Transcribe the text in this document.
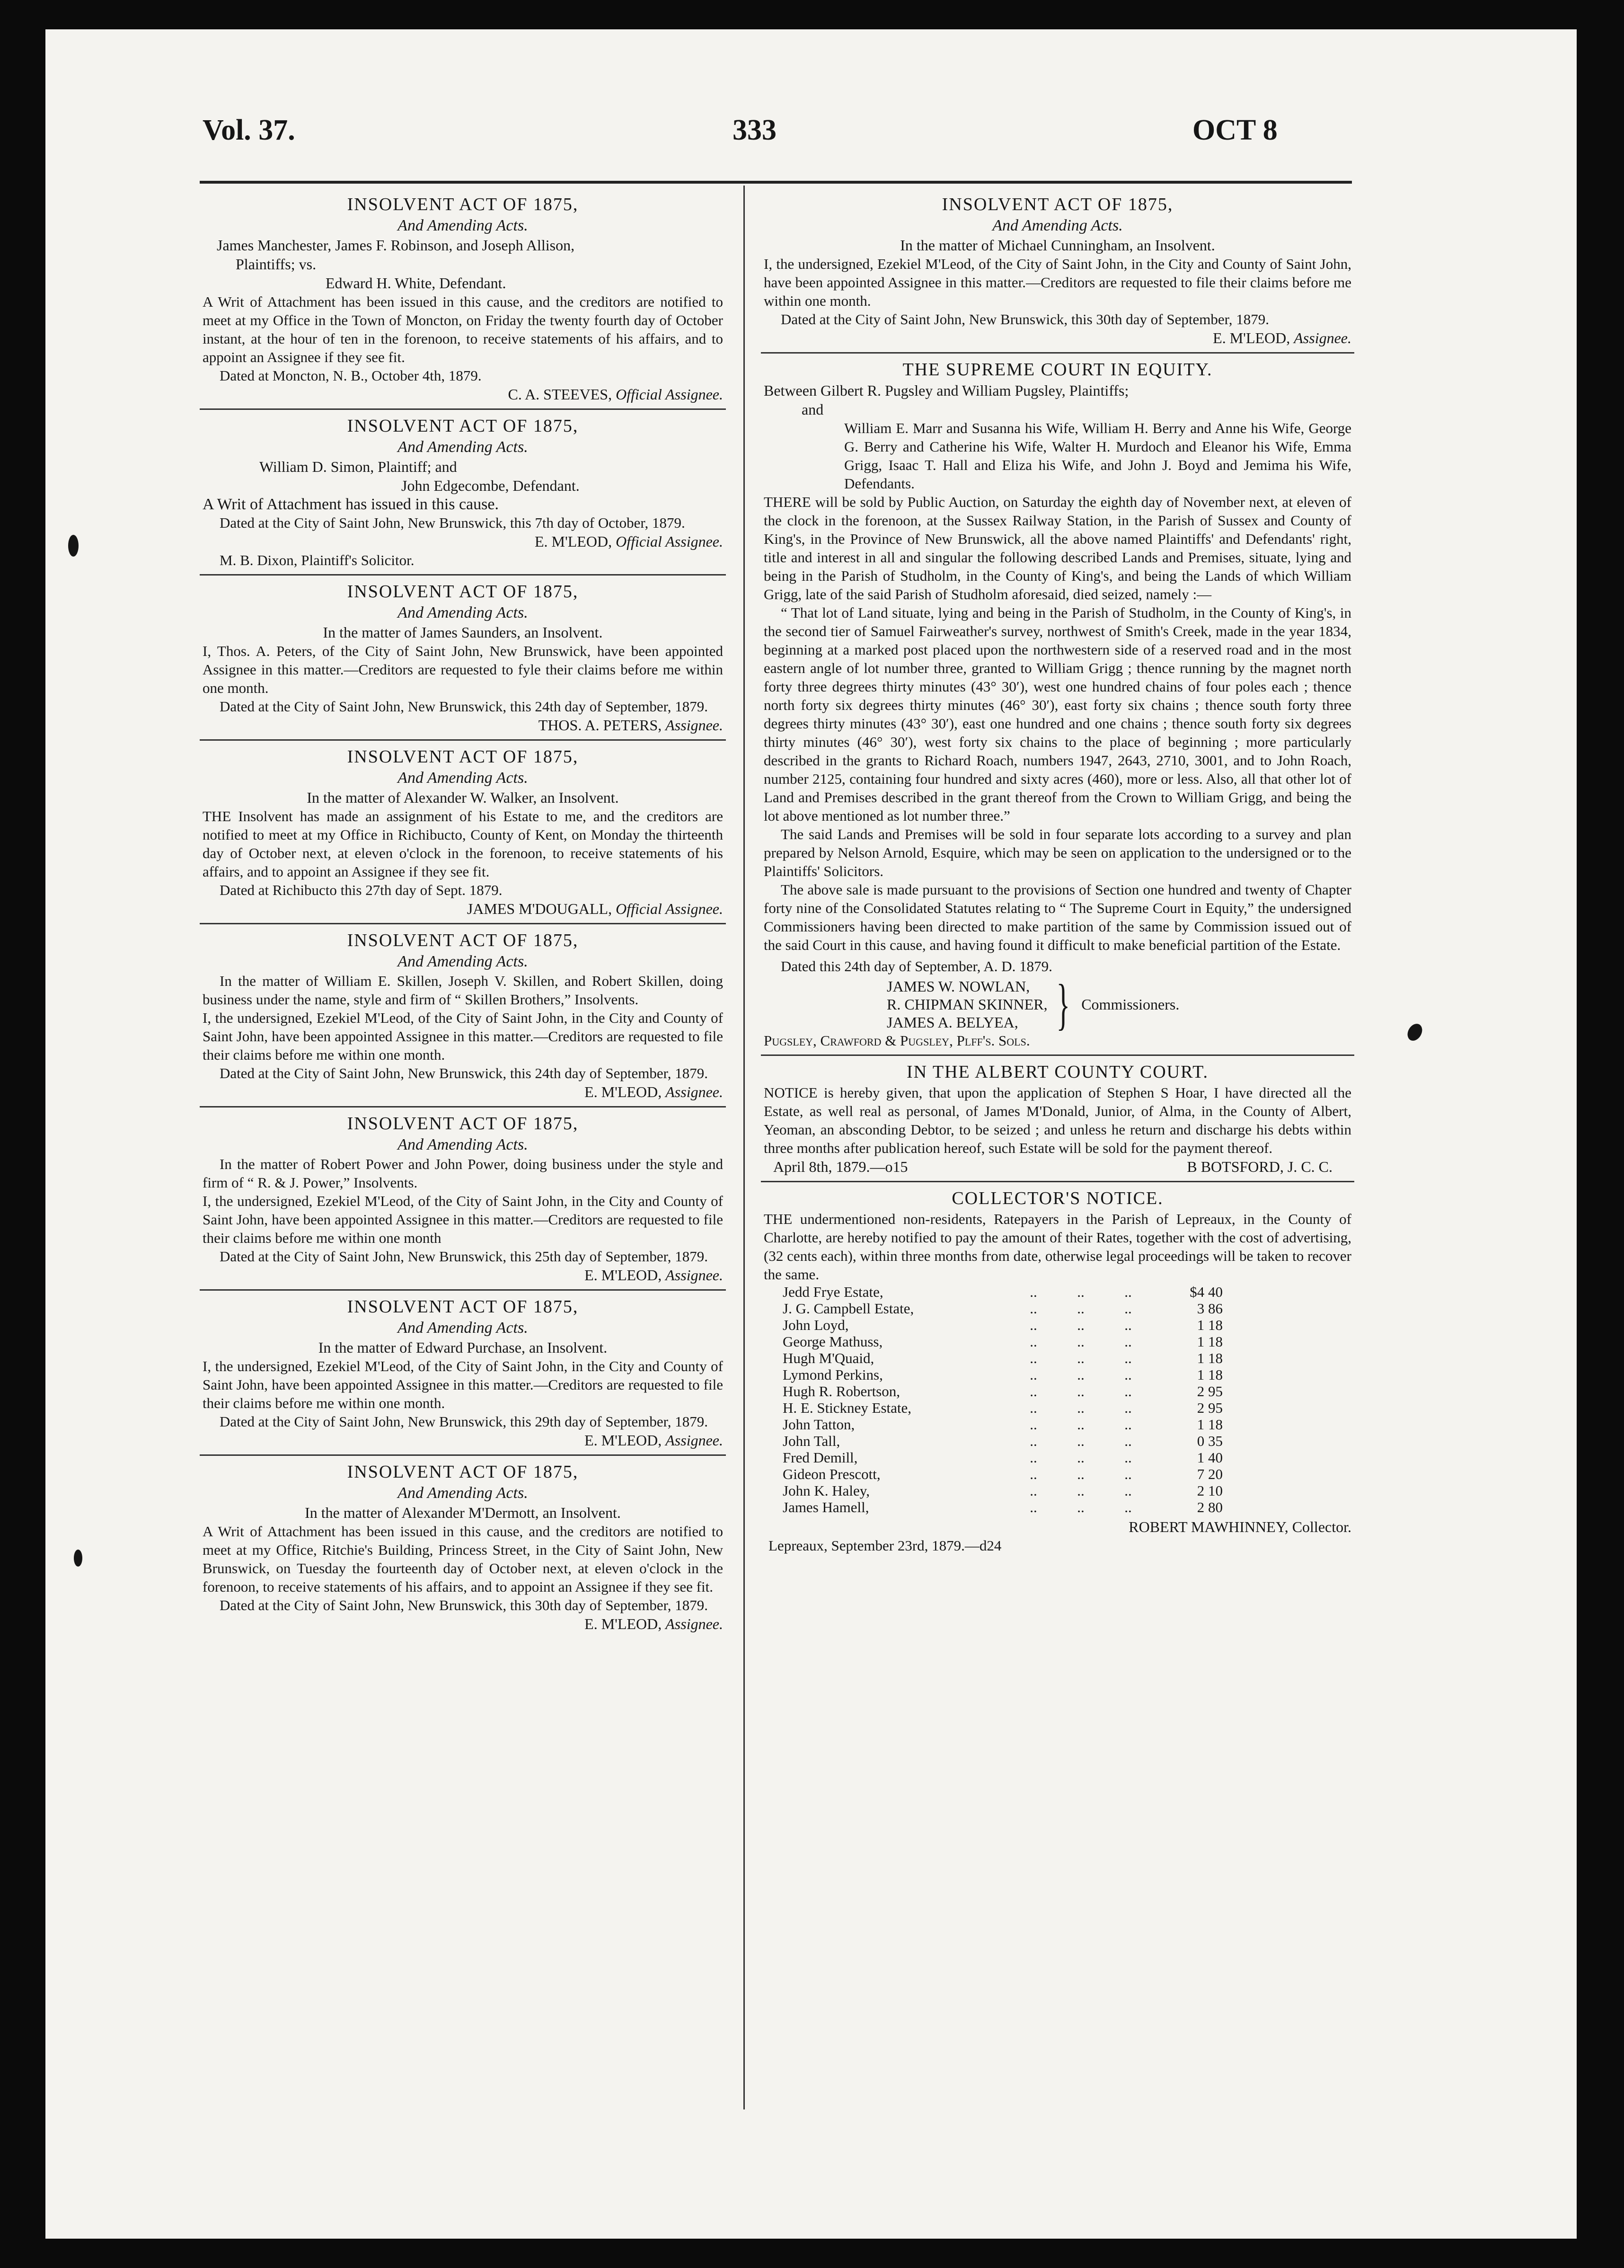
Vol. 37.	333	OCT 8
INSOLVENT ACT OF 1875,
And Amending Acts.
James Manchester, James F. Robinson, and Joseph Allison,
Plaintiffs; vs.
Edward H. White, Defendant.

A Writ of Attachment has been issued in this cause, and the creditors are notified to meet at my Office in the Town of Moncton, on Friday the twenty fourth day of October instant, at the hour of ten in the forenoon, to receive statements of his affairs, and to appoint an Assignee if they see fit.

Dated at Moncton, N. B., October 4th, 1879.

C. A. STEEVES, Official Assignee.

INSOLVENT ACT OF 1875,
And Amending Acts.
William D. Simon, Plaintiff; and
John Edgecombe, Defendant.

A Writ of Attachment has issued in this cause.

Dated at the City of Saint John, New Brunswick, this 7th day of October, 1879.

E. M'LEOD, Official Assignee.

M. B. Dixon, Plaintiff's Solicitor.

INSOLVENT ACT OF 1875,
And Amending Acts.
In the matter of James Saunders, an Insolvent.

I, Thos. A. Peters, of the City of Saint John, New Brunswick, have been appointed Assignee in this matter.—Creditors are requested to fyle their claims before me within one month.

Dated at the City of Saint John, New Brunswick, this 24th day of September, 1879.

THOS. A. PETERS, Assignee.

INSOLVENT ACT OF 1875,
And Amending Acts.
In the matter of Alexander W. Walker, an Insolvent.

THE Insolvent has made an assignment of his Estate to me, and the creditors are notified to meet at my Office in Richibucto, County of Kent, on Monday the thirteenth day of October next, at eleven o'clock in the forenoon, to receive statements of his affairs, and to appoint an Assignee if they see fit.

Dated at Richibucto this 27th day of Sept. 1879.

JAMES M'DOUGALL, Official Assignee.

INSOLVENT ACT OF 1875,
And Amending Acts.

In the matter of William E. Skillen, Joseph V. Skillen, and Robert Skillen, doing business under the name, style and firm of “ Skillen Brothers,” Insolvents.

I, the undersigned, Ezekiel M'Leod, of the City of Saint John, in the City and County of Saint John, have been appointed Assignee in this matter.—Creditors are requested to file their claims before me within one month.

Dated at the City of Saint John, New Brunswick, this 24th day of September, 1879.

E. M'LEOD, Assignee.

INSOLVENT ACT OF 1875,
And Amending Acts.

In the matter of Robert Power and John Power, doing business under the style and firm of “ R. & J. Power,” Insolvents.

I, the undersigned, Ezekiel M'Leod, of the City of Saint John, in the City and County of Saint John, have been appointed Assignee in this matter.—Creditors are requested to file their claims before me within one month

Dated at the City of Saint John, New Brunswick, this 25th day of September, 1879.

E. M'LEOD, Assignee.

INSOLVENT ACT OF 1875,
And Amending Acts.
In the matter of Edward Purchase, an Insolvent.

I, the undersigned, Ezekiel M'Leod, of the City of Saint John, in the City and County of Saint John, have been appointed Assignee in this matter.—Creditors are requested to file their claims before me within one month.

Dated at the City of Saint John, New Brunswick, this 29th day of September, 1879.

E. M'LEOD, Assignee.

INSOLVENT ACT OF 1875,
And Amending Acts.
In the matter of Alexander M'Dermott, an Insolvent.

A Writ of Attachment has been issued in this cause, and the creditors are notified to meet at my Office, Ritchie's Building, Princess Street, in the City of Saint John, New Brunswick, on Tuesday the fourteenth day of October next, at eleven o'clock in the forenoon, to receive statements of his affairs, and to appoint an Assignee if they see fit.

Dated at the City of Saint John, New Brunswick, this 30th day of September, 1879.

E. M'LEOD, Assignee.

INSOLVENT ACT OF 1875,
And Amending Acts.
In the matter of Michael Cunningham, an Insolvent.

I, the undersigned, Ezekiel M'Leod, of the City of Saint John, in the City and County of Saint John, have been appointed Assignee in this matter.—Creditors are requested to file their claims before me within one month.

Dated at the City of Saint John, New Brunswick, this 30th day of September, 1879.

E. M'LEOD, Assignee.

THE SUPREME COURT IN EQUITY.
Between Gilbert R. Pugsley and William Pugsley, Plaintiffs;
and

William E. Marr and Susanna his Wife, William H. Berry and Anne his Wife, George G. Berry and Catherine his Wife, Walter H. Murdoch and Eleanor his Wife, Emma Grigg, Isaac T. Hall and Eliza his Wife, and John J. Boyd and Jemima his Wife, Defendants.

THERE will be sold by Public Auction, on Saturday the eighth day of November next, at eleven of the clock in the forenoon, at the Sussex Railway Station, in the Parish of Sussex and County of King's, in the Province of New Brunswick, all the above named Plaintiffs' and Defendants' right, title and interest in all and singular the following described Lands and Premises, situate, lying and being in the Parish of Studholm, in the County of King's, and being the Lands of which William Grigg, late of the said Parish of Studholm aforesaid, died seized, namely :—

“ That lot of Land situate, lying and being in the Parish of Studholm, in the County of King's, in the second tier of Samuel Fairweather's survey, northwest of Smith's Creek, made in the year 1834, beginning at a marked post placed upon the northwestern side of a reserved road and in the most eastern angle of lot number three, granted to William Grigg ; thence running by the magnet north forty three degrees thirty minutes (43° 30′), west one hundred chains of four poles each ; thence north forty six degrees thirty minutes (46° 30′), east forty six chains ; thence south forty three degrees thirty minutes (43° 30′), east one hundred and one chains ; thence south forty six degrees thirty minutes (46° 30′), west forty six chains to the place of beginning ; more particularly described in the grants to Richard Roach, numbers 1947, 2643, 2710, 3001, and to John Roach, number 2125, containing four hundred and sixty acres (460), more or less. Also, all that other lot of Land and Premises described in the grant thereof from the Crown to William Grigg, and being the lot above mentioned as lot number three.”

The said Lands and Premises will be sold in four separate lots according to a survey and plan prepared by Nelson Arnold, Esquire, which may be seen on application to the undersigned or to the Plaintiffs' Solicitors.

The above sale is made pursuant to the provisions of Section one hundred and twenty of Chapter forty nine of the Consolidated Statutes relating to “ The Supreme Court in Equity,” the undersigned Commissioners having been directed to make partition of the same by Commission issued out of the said Court in this cause, and having found it difficult to make beneficial partition of the Estate.

Dated this 24th day of September, A. D. 1879.

JAMES W. NOWLAN,
R. CHIPMAN SKINNER,
JAMES A. BELYEA, } Commissioners.

Pugsley, Crawford & Pugsley, Plff's. Sols.

IN THE ALBERT COUNTY COURT.

NOTICE is hereby given, that upon the application of Stephen S Hoar, I have directed all the Estate, as well real as personal, of James M'Donald, Junior, of Alma, in the County of Albert, Yeoman, an absconding Debtor, to be seized ; and unless he return and discharge his debts within three months after publication hereof, such Estate will be sold for the payment thereof.

April 8th, 1879.—o15	B BOTSFORD, J. C. C.
COLLECTOR'S NOTICE.

THE undermentioned non-residents, Ratepayers in the Parish of Lepreaux, in the County of Charlotte, are hereby notified to pay the amount of their Rates, together with the cost of advertising, (32 cents each), within three months from date, otherwise legal proceedings will be taken to recover the same.

Jedd Frye Estate,	..	..	..	$4 40
J. G. Campbell Estate,	..	..	..	3 86
John Loyd,	..	..	..	1 18
George Mathuss,	..	..	..	1 18
Hugh M'Quaid,	..	..	..	1 18
Lymond Perkins,	..	..	..	1 18
Hugh R. Robertson,	..	..	..	2 95
H. E. Stickney Estate,	..	..	..	2 95
John Tatton,	..	..	..	1 18
John Tall,	..	..	..	0 35
Fred Demill,	..	..	..	1 40
Gideon Prescott,	..	..	..	7 20
John K. Haley,	..	..	..	2 10
James Hamell,	..	..	..	2 80

ROBERT MAWHINNEY, Collector.

Lepreaux, September 23rd, 1879.—d24
